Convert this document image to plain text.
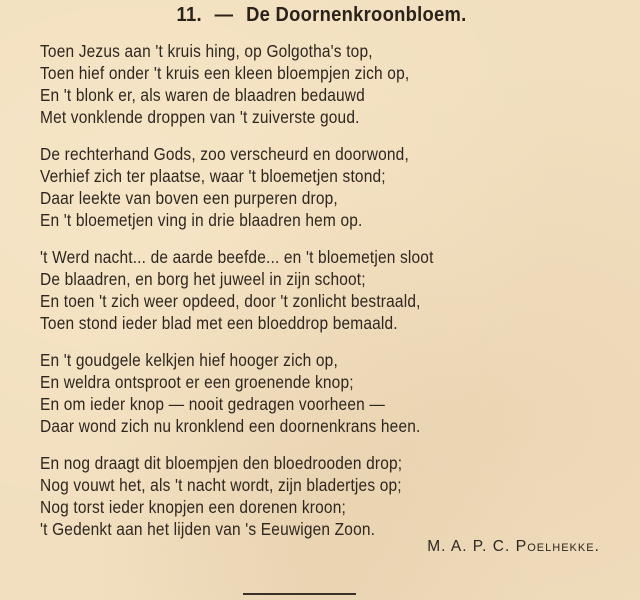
11. — De Doornenkroonbloem.
Toen Jezus aan 't kruis hing, op Golgotha's top,
Toen hief onder 't kruis een kleen bloempjen zich op,
En 't blonk er, als waren de blaadren bedauwd
Met vonklende droppen van 't zuiverste goud.
De rechterhand Gods, zoo verscheurd en doorwond,
Verhief zich ter plaatse, waar 't bloemetjen stond;
Daar leekte van boven een purperen drop,
En 't bloemetjen ving in drie blaadren hem op.
't Werd nacht... de aarde beefde... en 't bloemetjen sloot
De blaadren, en borg het juweel in zijn schoot;
En toen 't zich weer opdeed, door 't zonlicht bestraald,
Toen stond ieder blad met een bloeddrop bemaald.
En 't goudgele kelkjen hief hooger zich op,
En weldra ontsproot er een groenende knop;
En om ieder knop — nooit gedragen voorheen —
Daar wond zich nu kronklend een doornenkrans heen.
En nog draagt dit bloempjen den bloedrooden drop;
Nog vouwt het, als 't nacht wordt, zijn bladertjes op;
Nog torst ieder knopjen een dorenen kroon;
't Gedenkt aan het lijden van 's Eeuwigen Zoon.
M. A. P. C. Poelhekke.
